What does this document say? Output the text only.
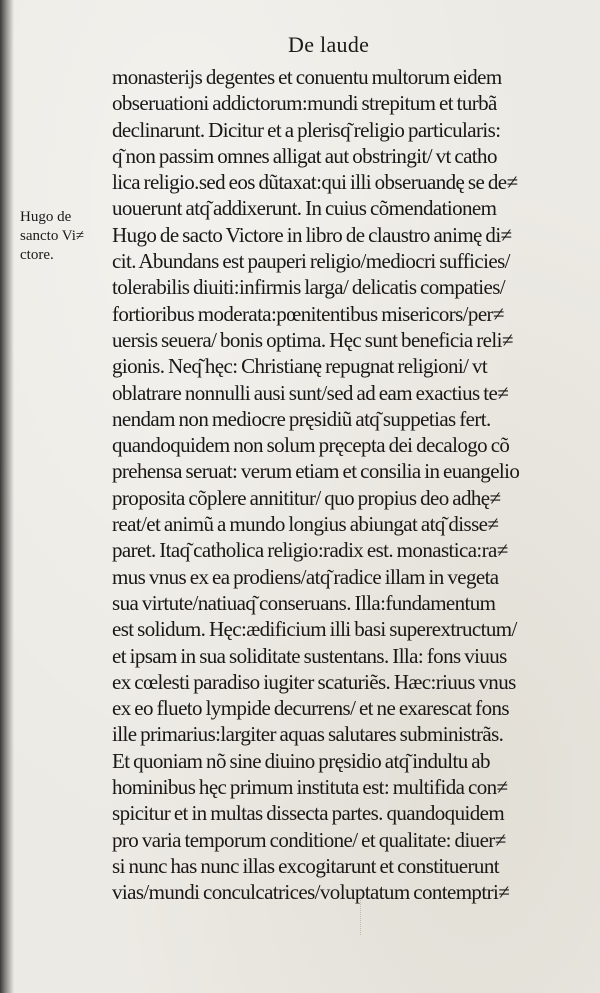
De laude
Hugo de
sancto Vi≠
ctore.
monasterijs degentes et conuentu multorum eidem
obseruationi addictorum:mundi strepitum et turbã
declinarunt. Dicitur et a plerisq͂ religio particularis:
q͂ non passim omnes alligat aut obstringit/ vt catho
lica religio.sed eos dũtaxat:qui illi obseruandę se de≠
uouerunt atq͂ addixerunt. In cuius cõmendationem
Hugo de sacto Victore in libro de claustro animę di≠
cit. Abundans est pauperi religio/mediocri sufficies/
tolerabilis diuiti:infirmis larga/ delicatis compaties/
fortioribus moderata:pœnitentibus misericors/per≠
uersis seuera/ bonis optima. Hęc sunt beneficia reli≠
gionis. Neq͂ hęc: Christianę repugnat religioni/ vt
oblatrare nonnulli ausi sunt/sed ad eam exactius te≠
nendam non mediocre pręsidiũ atq͂ suppetias fert.
quandoquidem non solum pręcepta dei decalogo cõ
prehensa seruat: verum etiam et consilia in euangelio
proposita cõplere annititur/ quo propius deo adhę≠
reat/et animũ a mundo longius abiungat atq͂ disse≠
paret. Itaq͂ catholica religio:radix est. monastica:ra≠
mus vnus ex ea prodiens/atq͂ radice illam in vegeta
sua virtute/natiuaq͂ conseruans. Illa:fundamentum
est solidum. Hęc:ædificium illi basi superextructum/
et ipsam in sua soliditate sustentans. Illa: fons viuus
ex cœlesti paradiso iugiter scaturiẽs. Hæc:riuus vnus
ex eo flueto lympide decurrens/ et ne exarescat fons
ille primarius:largiter aquas salutares subministrãs.
Et quoniam nõ sine diuino pręsidio atq͂ indultu ab
hominibus hęc primum instituta est: multifida con≠
spicitur et in multas dissecta partes. quandoquidem
pro varia temporum conditione/ et qualitate: diuer≠
si nunc has nunc illas excogitarunt et constituerunt
vias/mundi conculcatrices/voluptatum contemptri≠
